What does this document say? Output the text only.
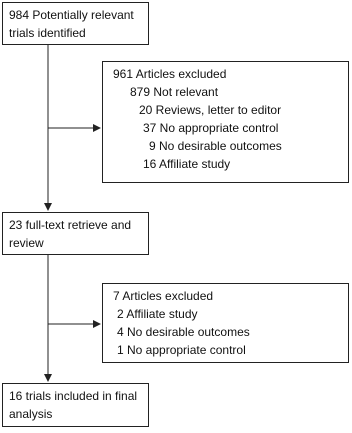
984 Potentially relevant
trials identified
961 Articles excluded
879 Not relevant
20 Reviews, letter to editor
37 No appropriate control
9 No desirable outcomes
16 Affiliate study
23 full-text retrieve and
review
7 Articles excluded
2 Affiliate study
4 No desirable outcomes
1 No appropriate control
16 trials included in final
analysis
